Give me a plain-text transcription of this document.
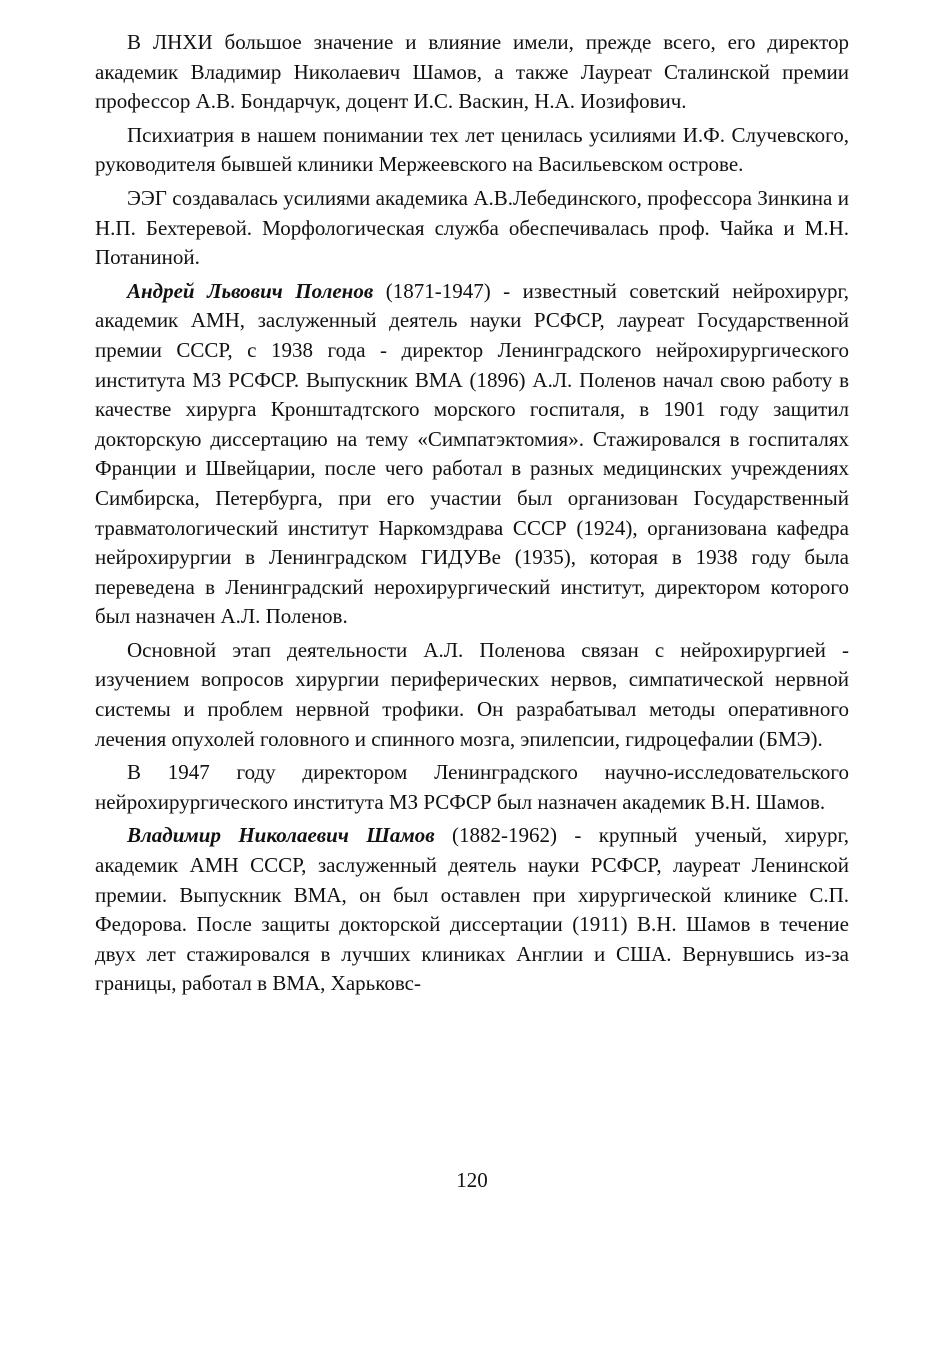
В ЛНХИ большое значение и влияние имели, прежде всего, его директор академик Владимир Николаевич Шамов, а также Лауреат Сталинской премии профессор А.В. Бондарчук, доцент И.С. Васкин, Н.А. Иозифович.

Психиатрия в нашем понимании тех лет ценилась усилиями И.Ф. Случевского, руководителя бывшей клиники Мержеевского на Васильевском острове.

ЭЭГ создавалась усилиями академика А.В.Лебединского, профессора Зинкина и Н.П. Бехтеревой. Морфологическая служба обеспечивалась проф. Чайка и М.Н. Потаниной.

Андрей Львович Поленов (1871-1947) - известный советский нейрохирург, академик АМН, заслуженный деятель науки РСФСР, лауреат Государственной премии СССР, с 1938 года - директор Ленинградского нейрохирургического института МЗ РСФСР. Выпускник ВМА (1896) А.Л. Поленов начал свою работу в качестве хирурга Кронштадтского морского госпиталя, в 1901 году защитил докторскую диссертацию на тему «Симпатэктомия». Стажировался в госпиталях Франции и Швейцарии, после чего работал в разных медицинских учреждениях Симбирска, Петербурга, при его участии был организован Государственный травматологический институт Наркомздрава СССР (1924), организована кафедра нейрохирургии в Ленинградском ГИДУВе (1935), которая в 1938 году была переведена в Ленинградский нерохирургический институт, директором которого был назначен А.Л. Поленов.

Основной этап деятельности А.Л. Поленова связан с нейрохирургией - изучением вопросов хирургии периферических нервов, симпатической нервной системы и проблем нервной трофики. Он разрабатывал методы оперативного лечения опухолей головного и спинного мозга, эпилепсии, гидроцефалии (БМЭ).

В 1947 году директором Ленинградского научно-исследовательского нейрохирургического института МЗ РСФСР был назначен академик В.Н. Шамов.

Владимир Николаевич Шамов (1882-1962) - крупный ученый, хирург, академик АМН СССР, заслуженный деятель науки РСФСР, лауреат Ленинской премии. Выпускник ВМА, он был оставлен при хирургической клинике С.П. Федорова. После защиты докторской диссертации (1911) В.Н. Шамов в течение двух лет стажировался в лучших клиниках Англии и США. Вернувшись из-за границы, работал в ВМА, Харьковс-

120
